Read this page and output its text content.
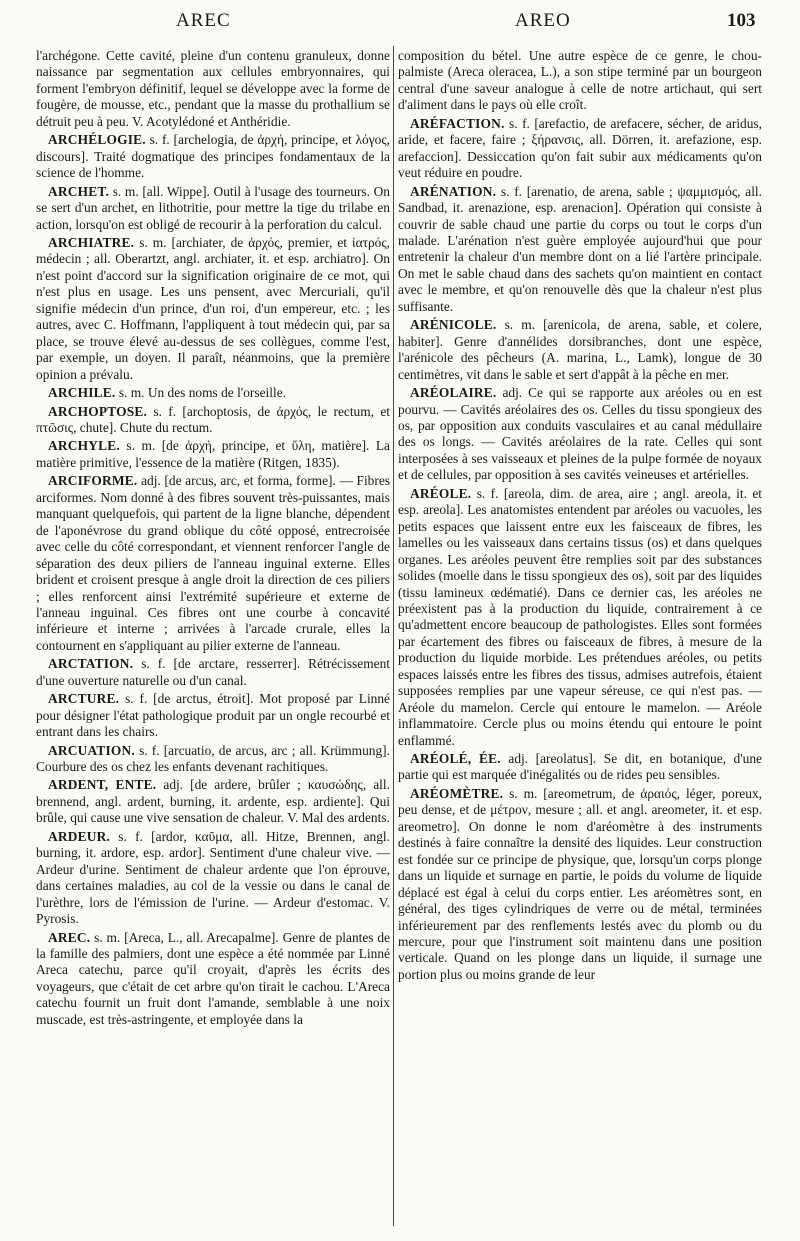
AREC	AREO	103

l'archégone. Cette cavité, pleine d'un contenu granuleux, donne naissance par segmentation aux cellules embryonnaires, qui forment l'embryon définitif, lequel se développe avec la forme de fougère, de mousse, etc., pendant que la masse du prothallium se détruit peu à peu. V. Acotylédoné et Anthéridie.

ARCHÉLOGIE. s. f. [archelogia, de ἀρχή, principe, et λόγος, discours]. Traité dogmatique des principes fondamentaux de la science de l'homme.

ARCHET. s. m. [all. Wippe]. Outil à l'usage des tourneurs. On se sert d'un archet, en lithotritie, pour mettre la tige du trilabe en action, lorsqu'on est obligé de recourir à la perforation du calcul.

ARCHIATRE. s. m. [archiater, de ἀρχός, premier, et ἰατρός, médecin ; all. Oberartzt, angl. archiater, it. et esp. archiatro]. On n'est point d'accord sur la signification originaire de ce mot, qui n'est plus en usage. Les uns pensent, avec Mercuriali, qu'il signifie médecin d'un prince, d'un roi, d'un empereur, etc. ; les autres, avec C. Hoffmann, l'appliquent à tout médecin qui, par sa place, se trouve élevé au-dessus de ses collègues, comme l'est, par exemple, un doyen. Il paraît, néanmoins, que la première opinion a prévalu.

ARCHILE. s. m. Un des noms de l'orseille.

ARCHOPTOSE. s. f. [archoptosis, de ἀρχός, le rectum, et πτῶσις, chute]. Chute du rectum.

ARCHYLE. s. m. [de ἀρχή, principe, et ὕλη, matière]. La matière primitive, l'essence de la matière (Ritgen, 1835).

ARCIFORME. adj. [de arcus, arc, et forma, forme]. — Fibres arciformes. Nom donné à des fibres souvent très-puissantes, mais manquant quelquefois, qui partent de la ligne blanche, dépendent de l'aponévrose du grand oblique du côté opposé, entrecroisée avec celle du côté correspondant, et viennent renforcer l'angle de séparation des deux piliers de l'anneau inguinal externe. Elles brident et croisent presque à angle droit la direction de ces piliers ; elles renforcent ainsi l'extrémité supérieure et externe de l'anneau inguinal. Ces fibres ont une courbe à concavité inférieure et interne ; arrivées à l'arcade crurale, elles la contournent en s'appliquant au pilier externe de l'anneau.

ARCTATION. s. f. [de arctare, resserrer]. Rétrécissement d'une ouverture naturelle ou d'un canal.

ARCTURE. s. f. [de arctus, étroit]. Mot proposé par Linné pour désigner l'état pathologique produit par un ongle recourbé et entrant dans les chairs.

ARCUATION. s. f. [arcuatio, de arcus, arc ; all. Krümmung]. Courbure des os chez les enfants devenant rachitiques.

ARDENT, ENTE. adj. [de ardere, brûler ; καυσώδης, all. brennend, angl. ardent, burning, it. ardente, esp. ardiente]. Qui brûle, qui cause une vive sensation de chaleur. V. Mal des ardents.

ARDEUR. s. f. [ardor, καῦμα, all. Hitze, Brennen, angl. burning, it. ardore, esp. ardor]. Sentiment d'une chaleur vive. — Ardeur d'urine. Sentiment de chaleur ardente que l'on éprouve, dans certaines maladies, au col de la vessie ou dans le canal de l'urèthre, lors de l'émission de l'urine. — Ardeur d'estomac. V. Pyrosis.

AREC. s. m. [Areca, L., all. Arecapalme]. Genre de plantes de la famille des palmiers, dont une espèce a été nommée par Linné Areca catechu, parce qu'il croyait, d'après les écrits des voyageurs, que c'était de cet arbre qu'on tirait le cachou. L'Areca catechu fournit un fruit dont l'amande, semblable à une noix muscade, est très-astringente, et employée dans la

composition du bétel. Une autre espèce de ce genre, le chou-palmiste (Areca oleracea, L.), a son stipe terminé par un bourgeon central d'une saveur analogue à celle de notre artichaut, qui sert d'aliment dans le pays où elle croît.

ARÉFACTION. s. f. [arefactio, de arefacere, sécher, de aridus, aride, et facere, faire ; ξήρανσις, all. Dörren, it. arefazione, esp. arefaccion]. Dessiccation qu'on fait subir aux médicaments qu'on veut réduire en poudre.

ARÉNATION. s. f. [arenatio, de arena, sable ; ψαμμισμός, all. Sandbad, it. arenazione, esp. arenacion]. Opération qui consiste à couvrir de sable chaud une partie du corps ou tout le corps d'un malade. L'arénation n'est guère employée aujourd'hui que pour entretenir la chaleur d'un membre dont on a lié l'artère principale. On met le sable chaud dans des sachets qu'on maintient en contact avec le membre, et qu'on renouvelle dès que la chaleur n'est plus suffisante.

ARÉNICOLE. s. m. [arenicola, de arena, sable, et colere, habiter]. Genre d'annélides dorsibranches, dont une espèce, l'arénicole des pêcheurs (A. marina, L., Lamk), longue de 30 centimètres, vit dans le sable et sert d'appât à la pêche en mer.

ARÉOLAIRE. adj. Ce qui se rapporte aux aréoles ou en est pourvu. — Cavités aréolaires des os. Celles du tissu spongieux des os, par opposition aux conduits vasculaires et au canal médullaire des os longs. — Cavités aréolaires de la rate. Celles qui sont interposées à ses vaisseaux et pleines de la pulpe formée de noyaux et de cellules, par opposition à ses cavités veineuses et artérielles.

ARÉOLE. s. f. [areola, dim. de area, aire ; angl. areola, it. et esp. areola]. Les anatomistes entendent par aréoles ou vacuoles, les petits espaces que laissent entre eux les faisceaux de fibres, les lamelles ou les vaisseaux dans certains tissus (os) et dans quelques organes. Les aréoles peuvent être remplies soit par des substances solides (moelle dans le tissu spongieux des os), soit par des liquides (tissu lamineux œdématié). Dans ce dernier cas, les aréoles ne préexistent pas à la production du liquide, contrairement à ce qu'admettent encore beaucoup de pathologistes. Elles sont formées par écartement des fibres ou faisceaux de fibres, à mesure de la production du liquide morbide. Les prétendues aréoles, ou petits espaces laissés entre les fibres des tissus, admises autrefois, étaient supposées remplies par une vapeur séreuse, ce qui n'est pas. — Aréole du mamelon. Cercle qui entoure le mamelon. — Aréole inflammatoire. Cercle plus ou moins étendu qui entoure le point enflammé.

ARÉOLÉ, ÉE. adj. [areolatus]. Se dit, en botanique, d'une partie qui est marquée d'inégalités ou de rides peu sensibles.

ARÉOMÈTRE. s. m. [areometrum, de ἀραιός, léger, poreux, peu dense, et de μέτρον, mesure ; all. et angl. areometer, it. et esp. areometro]. On donne le nom d'aréomètre à des instruments destinés à faire connaître la densité des liquides. Leur construction est fondée sur ce principe de physique, que, lorsqu'un corps plonge dans un liquide et surnage en partie, le poids du volume de liquide déplacé est égal à celui du corps entier. Les aréomètres sont, en général, des tiges cylindriques de verre ou de métal, terminées inférieurement par des renflements lestés avec du plomb ou du mercure, pour que l'instrument soit maintenu dans une position verticale. Quand on les plonge dans un liquide, il surnage une portion plus ou moins grande de leur
